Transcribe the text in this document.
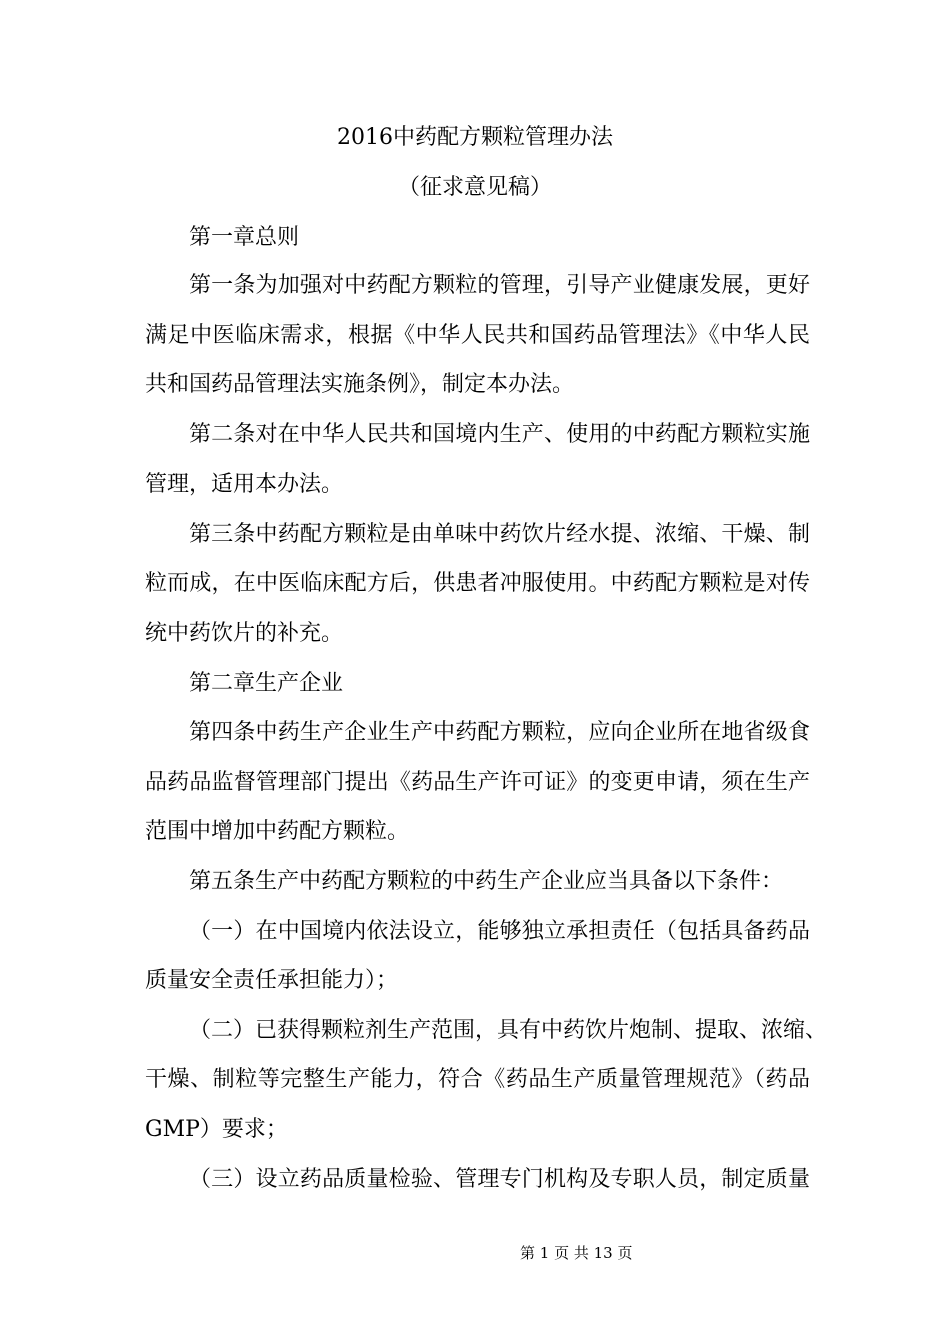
2016中药配方颗粒管理办法
（征求意见稿）
第一章总则
第一条为加强对中药配方颗粒的管理，引导产业健康发展，更好
满足中医临床需求，根据《中华人民共和国药品管理法》《中华人民
共和国药品管理法实施条例》，制定本办法。
第二条对在中华人民共和国境内生产、使用的中药配方颗粒实施
管理，适用本办法。
第三条中药配方颗粒是由单味中药饮片经水提、浓缩、干燥、制
粒而成，在中医临床配方后，供患者冲服使用。中药配方颗粒是对传
统中药饮片的补充。
第二章生产企业
第四条中药生产企业生产中药配方颗粒，应向企业所在地省级食
品药品监督管理部门提出《药品生产许可证》的变更申请，须在生产
范围中增加中药配方颗粒。
第五条生产中药配方颗粒的中药生产企业应当具备以下条件：
（一）在中国境内依法设立，能够独立承担责任（包括具备药品
质量安全责任承担能力）；
（二）已获得颗粒剂生产范围，具有中药饮片炮制、提取、浓缩、
干燥、制粒等完整生产能力，符合《药品生产质量管理规范》（药品
GMP）要求；
（三）设立药品质量检验、管理专门机构及专职人员，制定质量
第 1 页 共 13 页
